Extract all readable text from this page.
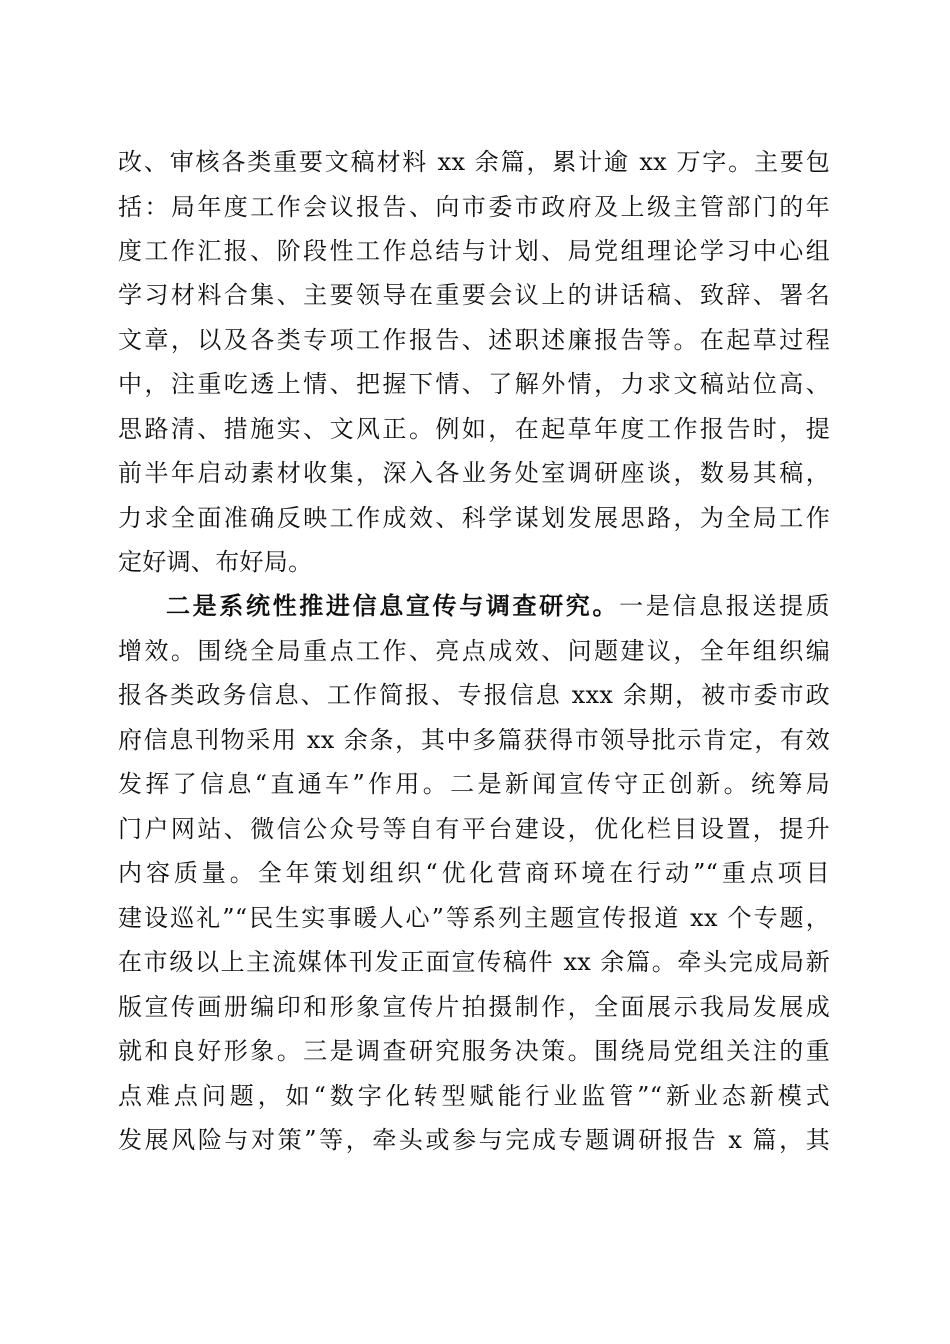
改、审核各类重要文稿材料 xx 余篇，累计逾 xx 万字。主要包
括：局年度工作会议报告、向市委市政府及上级主管部门的年
度工作汇报、阶段性工作总结与计划、局党组理论学习中心组
学习材料合集、主要领导在重要会议上的讲话稿、致辞、署名
文章，以及各类专项工作报告、述职述廉报告等。在起草过程
中，注重吃透上情、把握下情、了解外情，力求文稿站位高、
思路清、措施实、文风正。例如，在起草年度工作报告时，提
前半年启动素材收集，深入各业务处室调研座谈，数易其稿，
力求全面准确反映工作成效、科学谋划发展思路，为全局工作
定好调、布好局。
二是系统性推进信息宣传与调查研究。一是信息报送提质
增效。围绕全局重点工作、亮点成效、问题建议，全年组织编
报各类政务信息、工作简报、专报信息 xxx 余期，被市委市政
府信息刊物采用 xx 余条，其中多篇获得市领导批示肯定，有效
发挥了信息“直通车”作用。二是新闻宣传守正创新。统筹局
门户网站、微信公众号等自有平台建设，优化栏目设置，提升
内容质量。全年策划组织“优化营商环境在行动”“重点项目
建设巡礼”“民生实事暖人心”等系列主题宣传报道 xx 个专题，
在市级以上主流媒体刊发正面宣传稿件 xx 余篇。牵头完成局新
版宣传画册编印和形象宣传片拍摄制作，全面展示我局发展成
就和良好形象。三是调查研究服务决策。围绕局党组关注的重
点难点问题，如“数字化转型赋能行业监管”“新业态新模式
发展风险与对策”等，牵头或参与完成专题调研报告 x 篇，其
